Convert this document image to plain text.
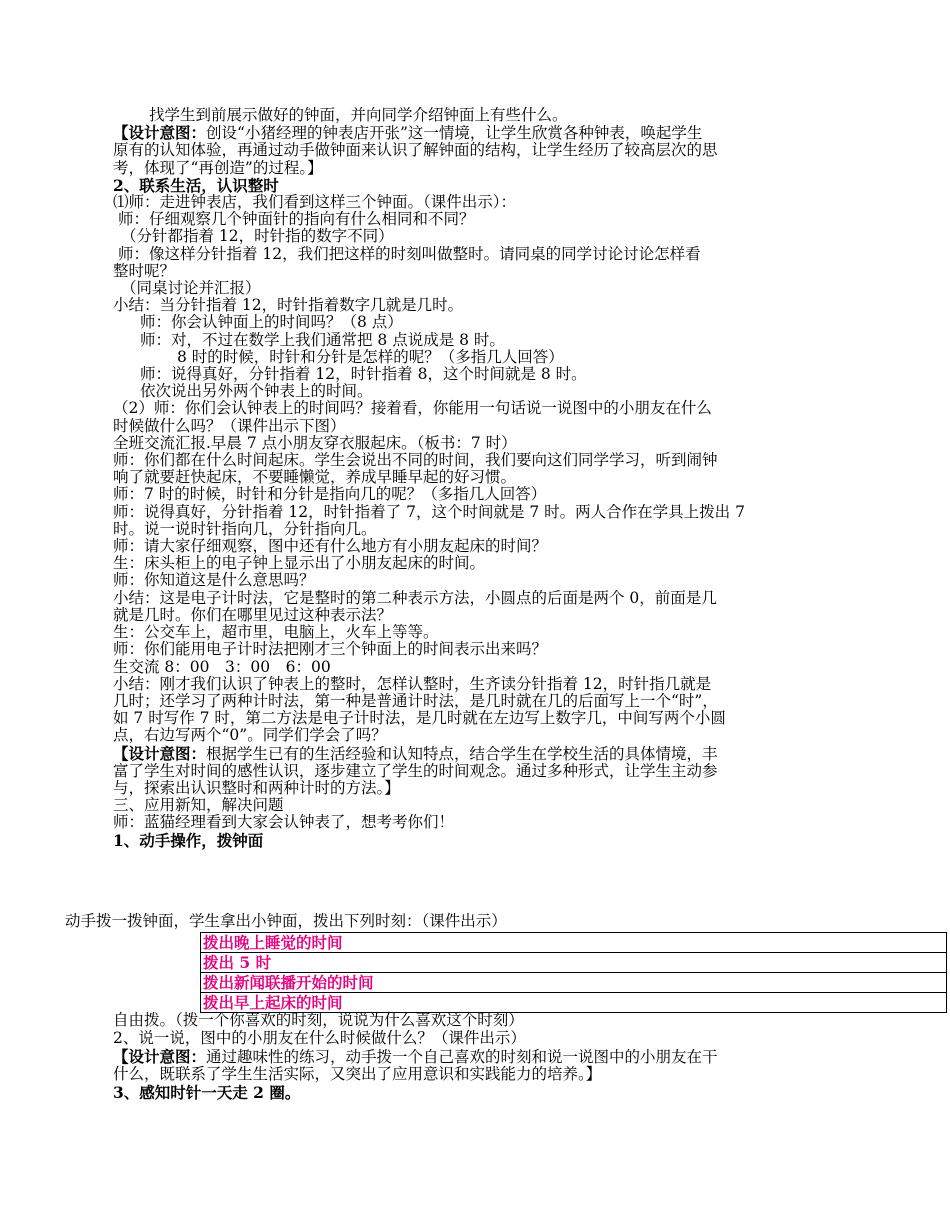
找学生到前展示做好的钟面，并向同学介绍钟面上有些什么。
【设计意图：创设“小猪经理的钟表店开张”这一情境，让学生欣赏各种钟表，唤起学生
原有的认知体验，再通过动手做钟面来认识了解钟面的结构，让学生经历了较高层次的思
考，体现了“再创造”的过程。】
2、联系生活，认识整时
⑴师：走进钟表店，我们看到这样三个钟面。（课件出示）：
师：仔细观察几个钟面针的指向有什么相同和不同？
（分针都指着 12，时针指的数字不同）
师：像这样分针指着 12，我们把这样的时刻叫做整时。请同桌的同学讨论讨论怎样看
整时呢？
（同桌讨论并汇报）
小结：当分针指着 12，时针指着数字几就是几时。
师：你会认钟面上的时间吗？（8 点）
师：对，不过在数学上我们通常把 8 点说成是 8 时。
8 时的时候，时针和分针是怎样的呢？（多指几人回答）
师：说得真好，分针指着 12，时针指着 8，这个时间就是 8 时。
依次说出另外两个钟表上的时间。
（2）师：你们会认钟表上的时间吗？接着看，你能用一句话说一说图中的小朋友在什么
时候做什么吗？（课件出示下图）
全班交流汇报.早晨 7 点小朋友穿衣服起床。（板书：7 时）
师：你们都在什么时间起床。学生会说出不同的时间，我们要向这们同学学习，听到闹钟
响了就要赶快起床，不要睡懒觉，养成早睡早起的好习惯。
师：7 时的时候，时针和分针是指向几的呢？（多指几人回答）
师：说得真好，分针指着 12，时针指着了 7，这个时间就是 7 时。两人合作在学具上拨出 7
时。说一说时针指向几，分针指向几。
师：请大家仔细观察，图中还有什么地方有小朋友起床的时间？
生：床头柜上的电子钟上显示出了小朋友起床的时间。
师：你知道这是什么意思吗？
小结：这是电子计时法，它是整时的第二种表示方法，小圆点的后面是两个 0，前面是几
就是几时。你们在哪里见过这种表示法？
生：公交车上，超市里，电脑上，火车上等等。
师：你们能用电子计时法把刚才三个钟面上的时间表示出来吗？
生交流 8：00　3：00　6：00
小结：刚才我们认识了钟表上的整时，怎样认整时，生齐读分针指着 12，时针指几就是
几时；还学习了两种计时法，第一种是普通计时法，是几时就在几的后面写上一个“时”，
如 7 时写作 7 时，第二方法是电子计时法，是几时就在左边写上数字几，中间写两个小圆
点，右边写两个“0”。同学们学会了吗？
【设计意图：根据学生已有的生活经验和认知特点，结合学生在学校生活的具体情境，丰
富了学生对时间的感性认识，逐步建立了学生的时间观念。通过多种形式，让学生主动参
与，探索出认识整时和两种计时的方法。】
三、应用新知，解决问题
师：蓝猫经理看到大家会认钟表了，想考考你们！
1、动手操作，拨钟面
动手拨一拨钟面，学生拿出小钟面，拨出下列时刻：（课件出示）
拨出晚上睡觉的时间
拨出 5 时
拨出新闻联播开始的时间
拨出早上起床的时间
自由拨。（拨一个你喜欢的时刻，说说为什么喜欢这个时刻）
2、说一说，图中的小朋友在什么时候做什么？（课件出示）
【设计意图：通过趣味性的练习，动手拨一个自己喜欢的时刻和说一说图中的小朋友在干
什么，既联系了学生生活实际，又突出了应用意识和实践能力的培养。】
3、感知时针一天走 2 圈。
